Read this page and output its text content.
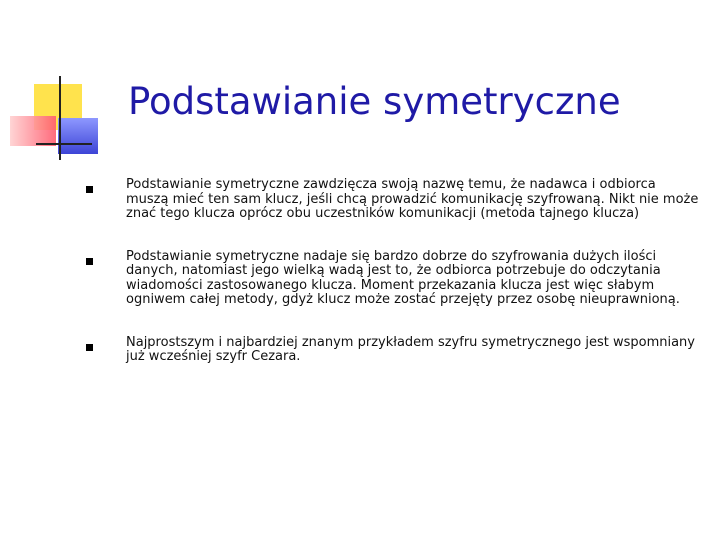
Podstawianie symetryczne
Podstawianie symetryczne zawdzięcza swoją nazwę temu, że nadawca i odbiorca muszą mieć ten sam klucz, jeśli chcą prowadzić komunikację szyfrowaną. Nikt nie może znać tego klucza oprócz obu uczestników komunikacji (metoda tajnego klucza)
Podstawianie symetryczne nadaje się bardzo dobrze do szyfrowania dużych ilości danych, natomiast jego wielką wadą jest to, że odbiorca potrzebuje do odczytania wiadomości zastosowanego klucza. Moment przekazania klucza jest więc słabym ogniwem całej metody, gdyż klucz może zostać przejęty przez osobę nieuprawnioną.
Najprostszym i najbardziej znanym przykładem szyfru symetrycznego jest wspomniany już wcześniej szyfr Cezara.
